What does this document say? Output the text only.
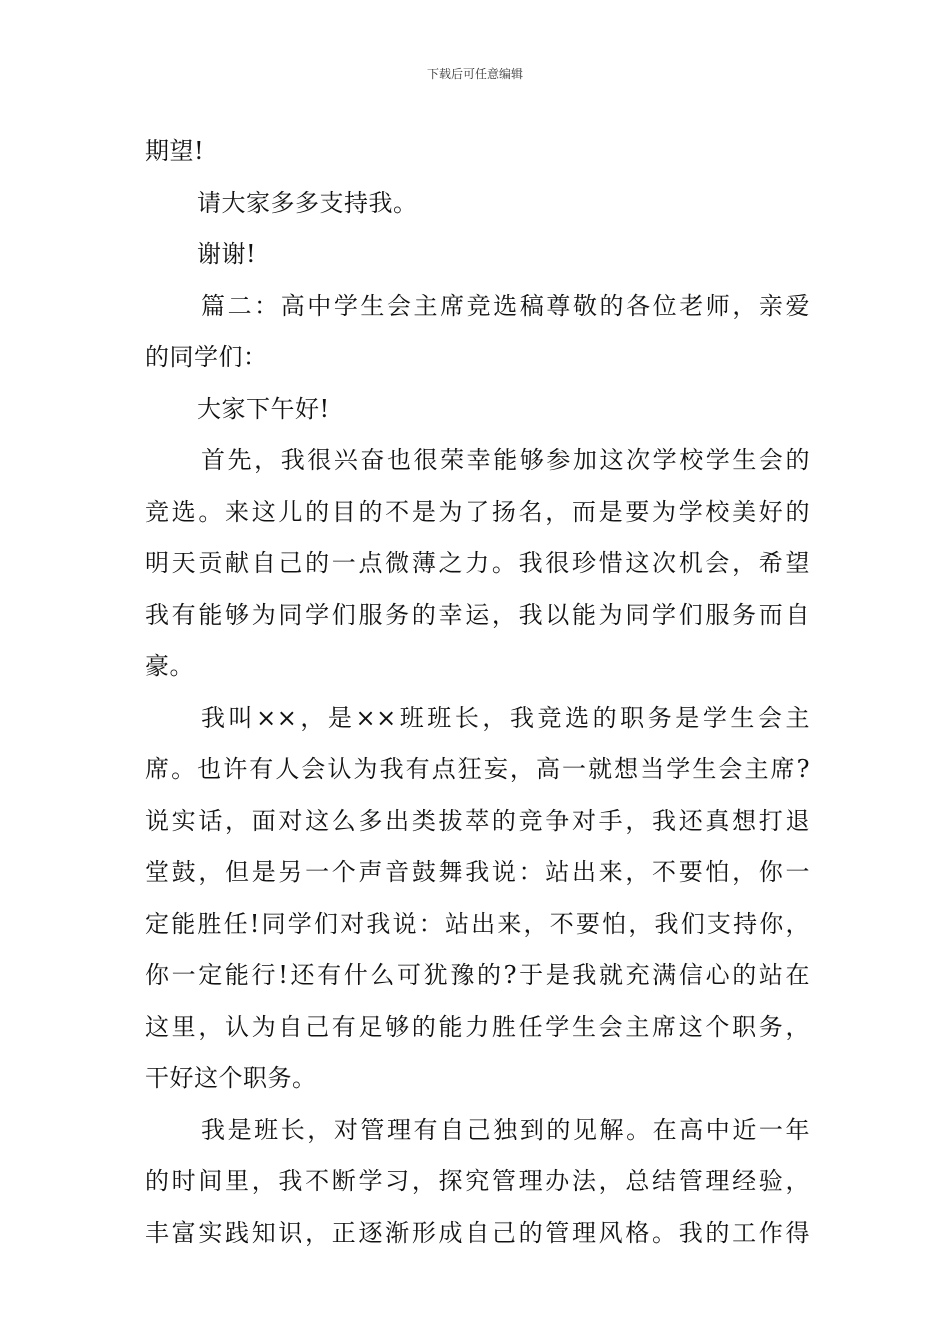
下载后可任意编辑
期望!
请大家多多支持我。
谢谢!
篇二：高中学生会主席竞选稿尊敬的各位老师，亲爱
的同学们：
大家下午好!
首先，我很兴奋也很荣幸能够参加这次学校学生会的
竞选。来这儿的目的不是为了扬名，而是要为学校美好的
明天贡献自己的一点微薄之力。我很珍惜这次机会，希望
我有能够为同学们服务的幸运，我以能为同学们服务而自
豪。
我叫××，是××班班长，我竞选的职务是学生会主
席。也许有人会认为我有点狂妄，高一就想当学生会主席?
说实话，面对这么多出类拔萃的竞争对手，我还真想打退
堂鼓，但是另一个声音鼓舞我说：站出来，不要怕，你一
定能胜任!同学们对我说：站出来，不要怕，我们支持你，
你一定能行!还有什么可犹豫的?于是我就充满信心的站在
这里，认为自己有足够的能力胜任学生会主席这个职务，
干好这个职务。
我是班长，对管理有自己独到的见解。在高中近一年
的时间里，我不断学习，探究管理办法，总结管理经验，
丰富实践知识，正逐渐形成自己的管理风格。我的工作得
